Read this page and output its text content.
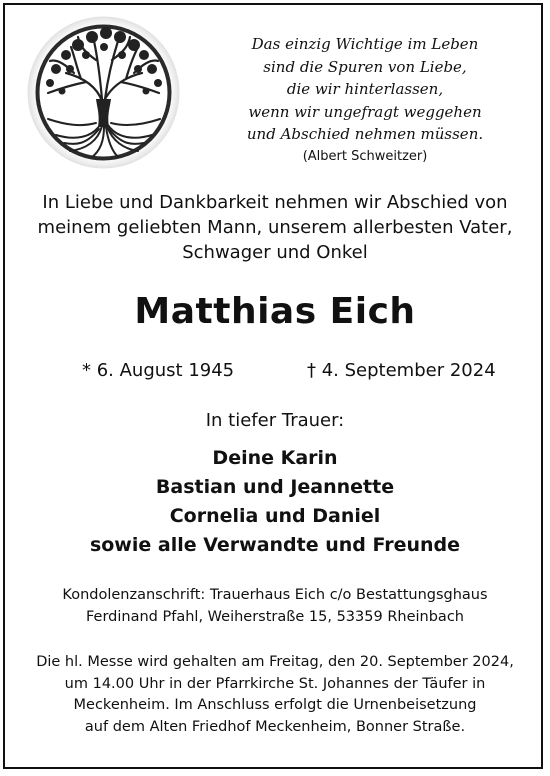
Das einzig Wichtige im Leben
sind die Spuren von Liebe,
die wir hinterlassen,
wenn wir ungefragt weggehen
und Abschied nehmen müssen.
(Albert Schweitzer)
In Liebe und Dankbarkeit nehmen wir Abschied von
meinem geliebten Mann, unserem allerbesten Vater,
Schwager und Onkel
Matthias Eich
* 6. August 1945	† 4. September 2024
In tiefer Trauer:
Deine Karin
Bastian und Jeannette
Cornelia und Daniel
sowie alle Verwandte und Freunde
Kondolenzanschrift: Trauerhaus Eich c/o Bestattungsghaus
Ferdinand Pfahl, Weiherstraße 15, 53359 Rheinbach
Die hl. Messe wird gehalten am Freitag, den 20. September 2024,
um 14.00 Uhr in der Pfarrkirche St. Johannes der Täufer in
Meckenheim. Im Anschluss erfolgt die Urnenbeisetzung
auf dem Alten Friedhof Meckenheim, Bonner Straße.
